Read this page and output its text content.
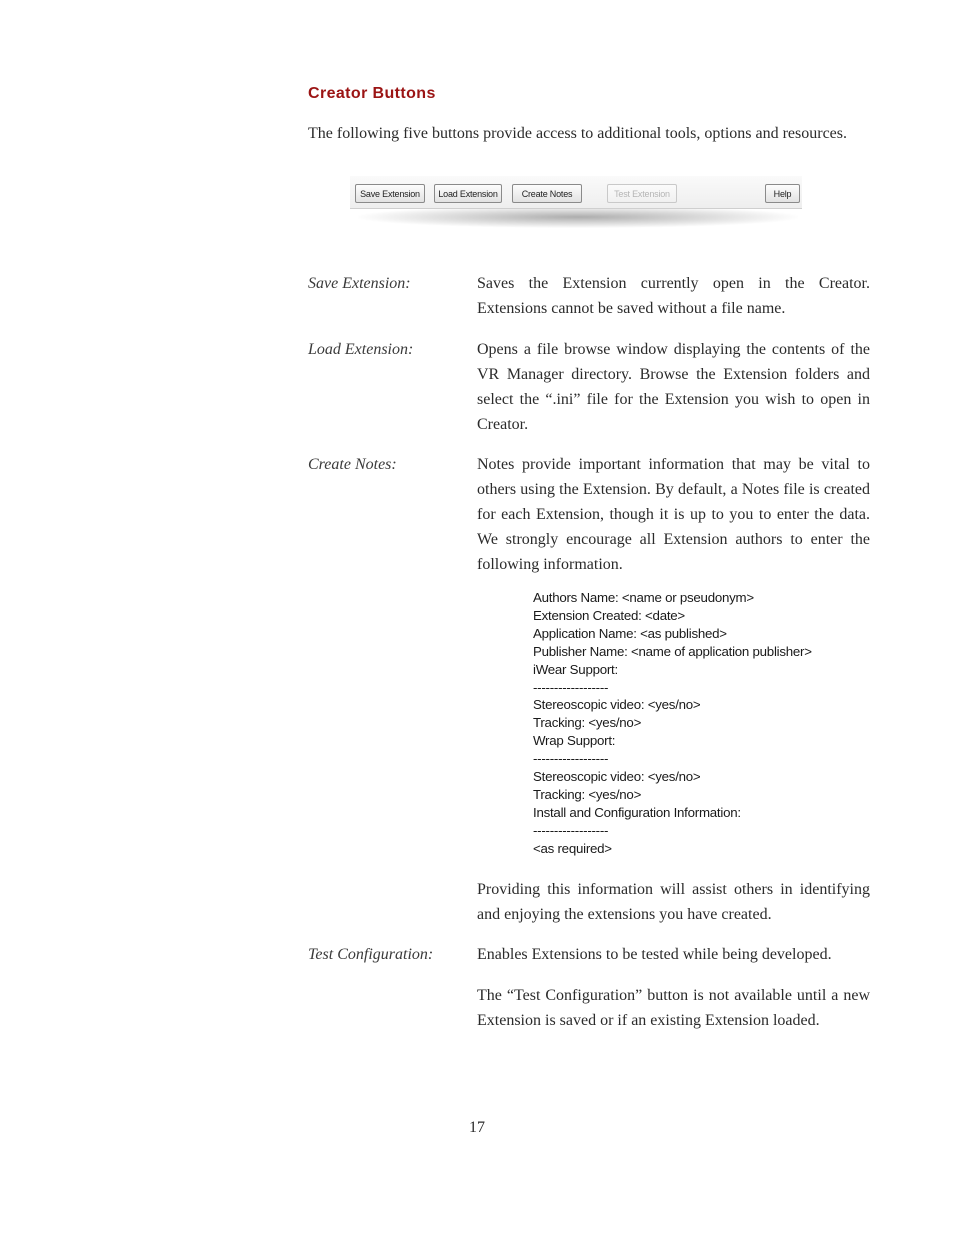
Creator Buttons
The following five buttons provide access to additional tools, options and resources.
Save Extension	Load Extension	Create Notes	Test Extension	Help
Save Extension:	Saves the Extension currently open in the Creator. Extensions cannot be saved without a file name.
Load Extension:	Opens a file browse window displaying the contents of the VR Manager directory. Browse the Extension folders and select the “.ini” file for the Extension you wish to open in Creator.
Create Notes:	Notes provide important information that may be vital to others using the Extension. By default, a Notes file is created for each Extension, though it is up to you to enter the data. We strongly encourage all Extension authors to enter the following information.
Authors Name: <name or pseudonym>
Extension Created: <date>
Application Name: <as published>
Publisher Name: <name of application publisher>
iWear Support:
------------------
Stereoscopic video: <yes/no>
Tracking: <yes/no>
Wrap Support:
------------------
Stereoscopic video: <yes/no>
Tracking: <yes/no>
Install and Configuration Information:
------------------
<as required>
Providing this information will assist others in identifying and enjoying the extensions you have created.
Test Configuration:	Enables Extensions to be tested while being developed.
The “Test Configuration” button is not available until a new Extension is saved or if an existing Extension loaded.
17
